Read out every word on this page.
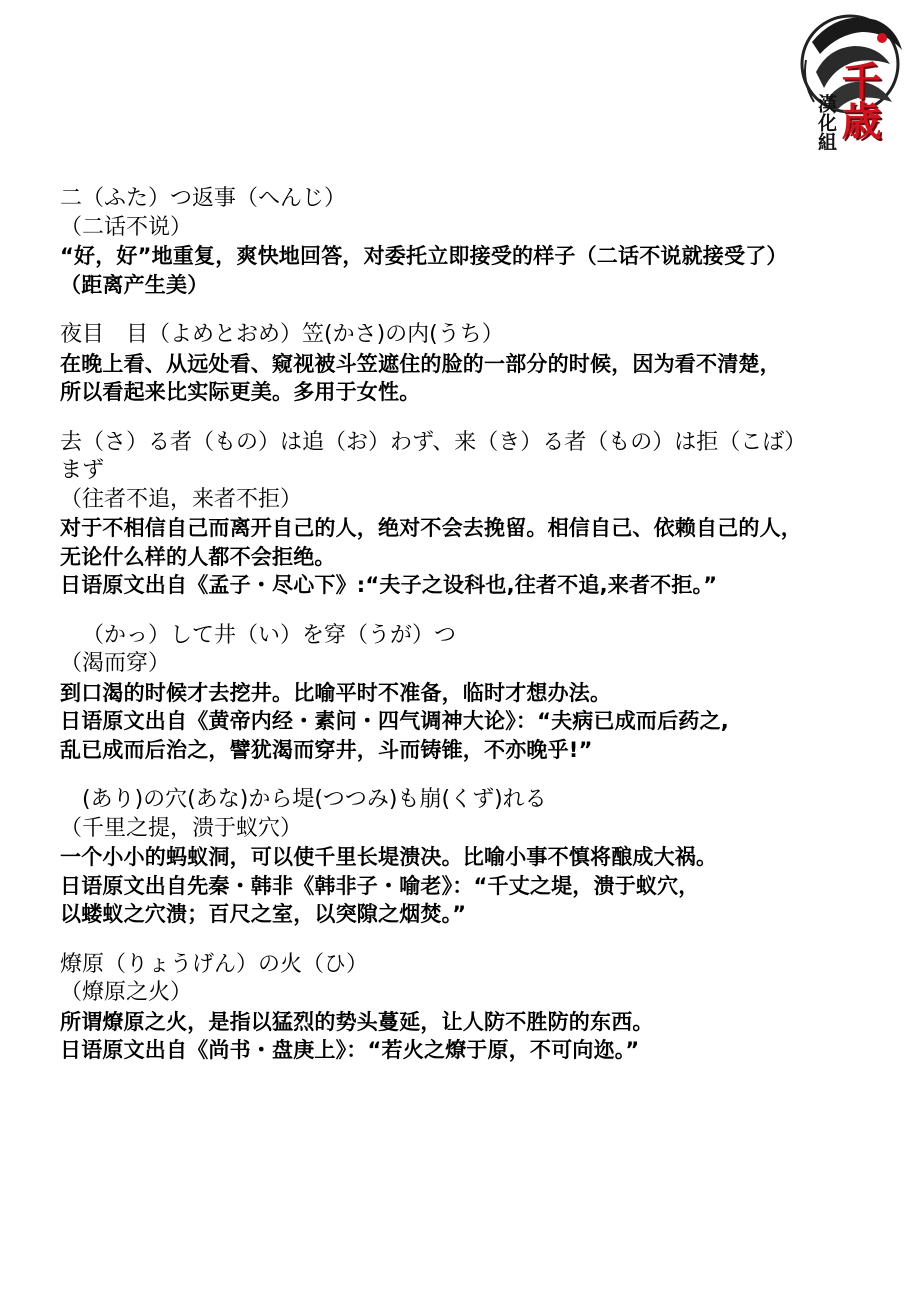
千歳
漢化組
二（ふた）つ返事（へんじ）
（二话不说）
“好，好”地重复，爽快地回答，对委托立即接受的样子（二话不说就接受了）
（距离产生美）
夜目　目（よめとおめ）笠(かさ)の内(うち）
在晚上看、从远处看、窥视被斗笠遮住的脸的一部分的时候，因为看不清楚，
所以看起来比实际更美。多用于女性。
去（さ）る者（もの）は追（お）わず、来（き）る者（もの）は拒（こば）
まず
（往者不追，来者不拒）
对于不相信自己而离开自己的人，绝对不会去挽留。相信自己、依赖自己的人，
无论什么样的人都不会拒绝。
日语原文出自《孟子・尽心下》:“夫子之设科也,往者不追,来者不拒。”
（かっ）して井（い）を穿（うが）つ
（渴而穿）
到口渴的时候才去挖井。比喻平时不准备，临时才想办法。
日语原文出自《黄帝内经・素问・四气调神大论》：“夫病已成而后药之,
乱已成而后治之，譬犹渴而穿井，斗而铸锥，不亦晚乎!”
(あり)の穴(あな)から堤(つつみ)も崩(くず)れる
（千里之提，溃于蚁穴）
一个小小的蚂蚁洞，可以使千里长堤溃决。比喻小事不慎将酿成大祸。
日语原文出自先秦・韩非《韩非子・喻老》：“千丈之堤，溃于蚁穴，
以蝼蚁之穴溃；百尺之室，以突隙之烟焚。”
燎原（りょうげん）の火（ひ）
（燎原之火）
所谓燎原之火，是指以猛烈的势头蔓延，让人防不胜防的东西。
日语原文出自《尚书・盘庚上》：“若火之燎于原，不可向迩。”
